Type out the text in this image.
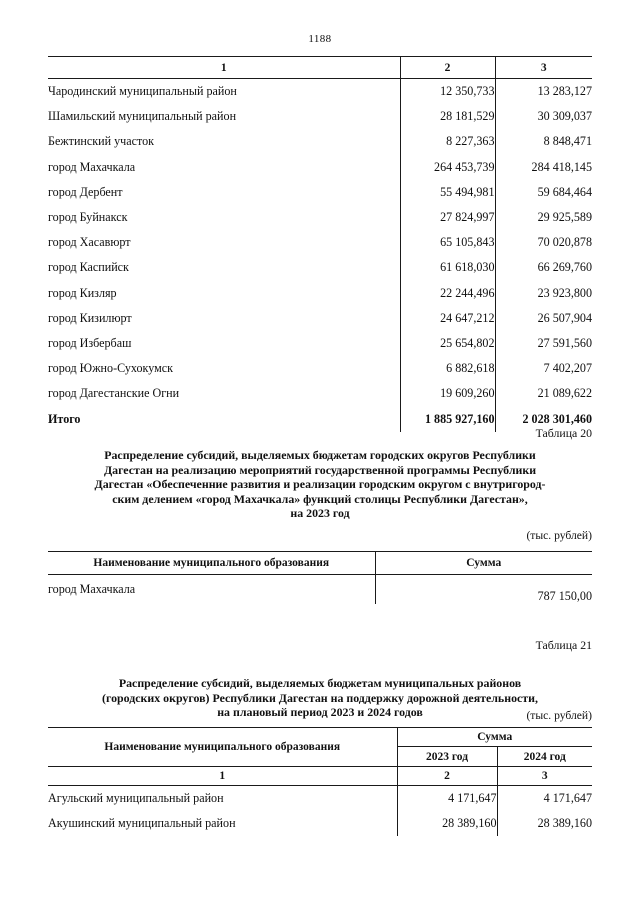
1188
1	2	3
Чародинский муниципальный район	12 350,733	13 283,127
Шамильский муниципальный район	28 181,529	30 309,037
Бежтинский участок	8 227,363	8 848,471
город Махачкала	264 453,739	284 418,145
город Дербент	55 494,981	59 684,464
город Буйнакск	27 824,997	29 925,589
город Хасавюрт	65 105,843	70 020,878
город Каспийск	61 618,030	66 269,760
город Кизляр	22 244,496	23 923,800
город Кизилюрт	24 647,212	26 507,904
город Избербаш	25 654,802	27 591,560
город Южно-Сухокумск	6 882,618	7 402,207
город Дагестанские Огни	19 609,260	21 089,622
Итого	1 885 927,160	2 028 301,460
Таблица 20
Распределение субсидий, выделяемых бюджетам городских округов Республики
Дагестан на реализацию мероприятий государственной программы Республики
Дагестан «Обеспеченние развития и реализации городским округом с внутригород-
ским делением «город Махачкала» функций столицы Республики Дагестан»,
на 2023 год
(тыс. рублей)
Наименование муниципального образования	Сумма
город Махачкала	787 150,00
Таблица 21
Распределение субсидий, выделяемых бюджетам муниципальных районов
(городских округов) Республики Дагестан на поддержку дорожной деятельности,
на плановый период 2023 и 2024 годов	(тыс. рублей)
Наименование муниципального образования	Сумма	
	2023 год	2024 год
1	2	3
Агульский муниципальный район	4 171,647	4 171,647
Акушинский муниципальный район	28 389,160	28 389,160
